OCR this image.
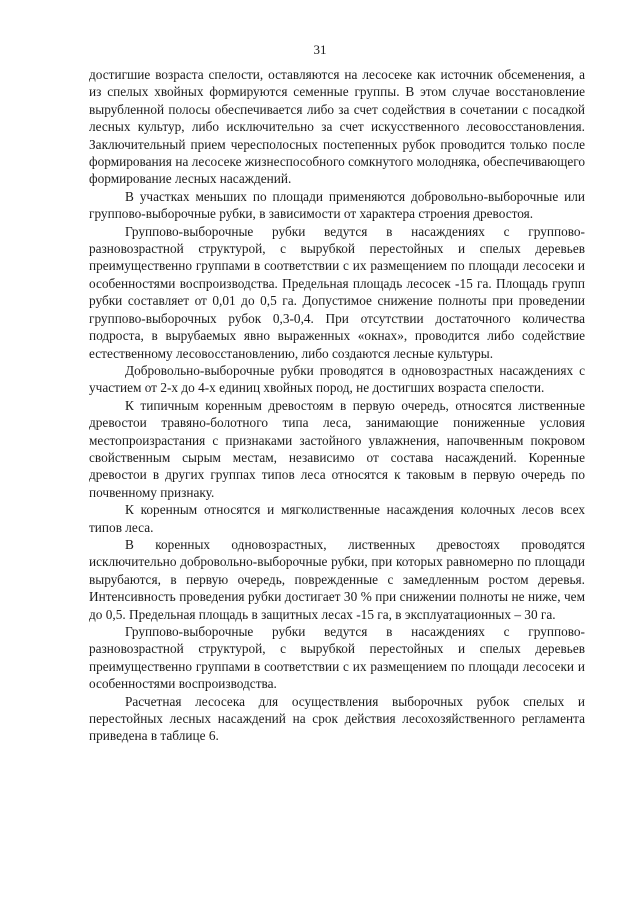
31

достигшие возраста спелости, оставляются на лесосеке как источник обсеменения, а из спелых хвойных формируются семенные группы. В этом случае восстановление вырубленной полосы обеспечивается либо за счет содействия в сочетании с посадкой лесных культур, либо исключительно за счет искусственного лесовосстановления. Заключительный прием чересполосных постепенных рубок проводится только после формирования на лесосеке жизнеспособного сомкнутого молодняка, обеспечивающего формирование лесных насаждений.

В участках меньших по площади применяются добровольно-выборочные или группово-выборочные рубки, в зависимости от характера строения древостоя.

Группово-выборочные рубки ведутся в насаждениях с группово-разновозрастной структурой, с вырубкой перестойных и спелых деревьев преимущественно группами в соответствии с их размещением по площади лесосеки и особенностями воспроизводства. Предельная площадь лесосек -15 га. Площадь групп рубки составляет от 0,01 до 0,5 га. Допустимое снижение полноты при проведении группово-выборочных рубок 0,3-0,4. При отсутствии достаточного количества подроста, в вырубаемых явно выраженных «окнах», проводится либо содействие естественному лесовосстановлению, либо создаются лесные культуры.

Добровольно-выборочные рубки проводятся в одновозрастных насаждениях с участием от 2-х до 4-х единиц хвойных пород, не достигших возраста спелости.

К типичным коренным древостоям в первую очередь, относятся лиственные древостои травяно-болотного типа леса, занимающие пониженные условия местопроизрастания с признаками застойного увлажнения, напочвенным покровом свойственным сырым местам, независимо от состава насаждений. Коренные древостои в других группах типов леса относятся к таковым в первую очередь по почвенному признаку.

К коренным относятся и мягколиственные насаждения колочных лесов всех типов леса.

В коренных одновозрастных, лиственных древостоях проводятся исключительно добровольно-выборочные рубки, при которых равномерно по площади вырубаются, в первую очередь, поврежденные с замедленным ростом деревья. Интенсивность проведения рубки достигает 30 % при снижении полноты не ниже, чем до 0,5. Предельная площадь в защитных лесах -15 га, в эксплуатационных – 30 га.

Группово-выборочные рубки ведутся в насаждениях с группово-разновозрастной структурой, с вырубкой перестойных и спелых деревьев преимущественно группами в соответствии с их размещением по площади лесосеки и особенностями воспроизводства.

Расчетная лесосека для осуществления выборочных рубок спелых и перестойных лесных насаждений на срок действия лесохозяйственного регламента приведена в таблице 6.
